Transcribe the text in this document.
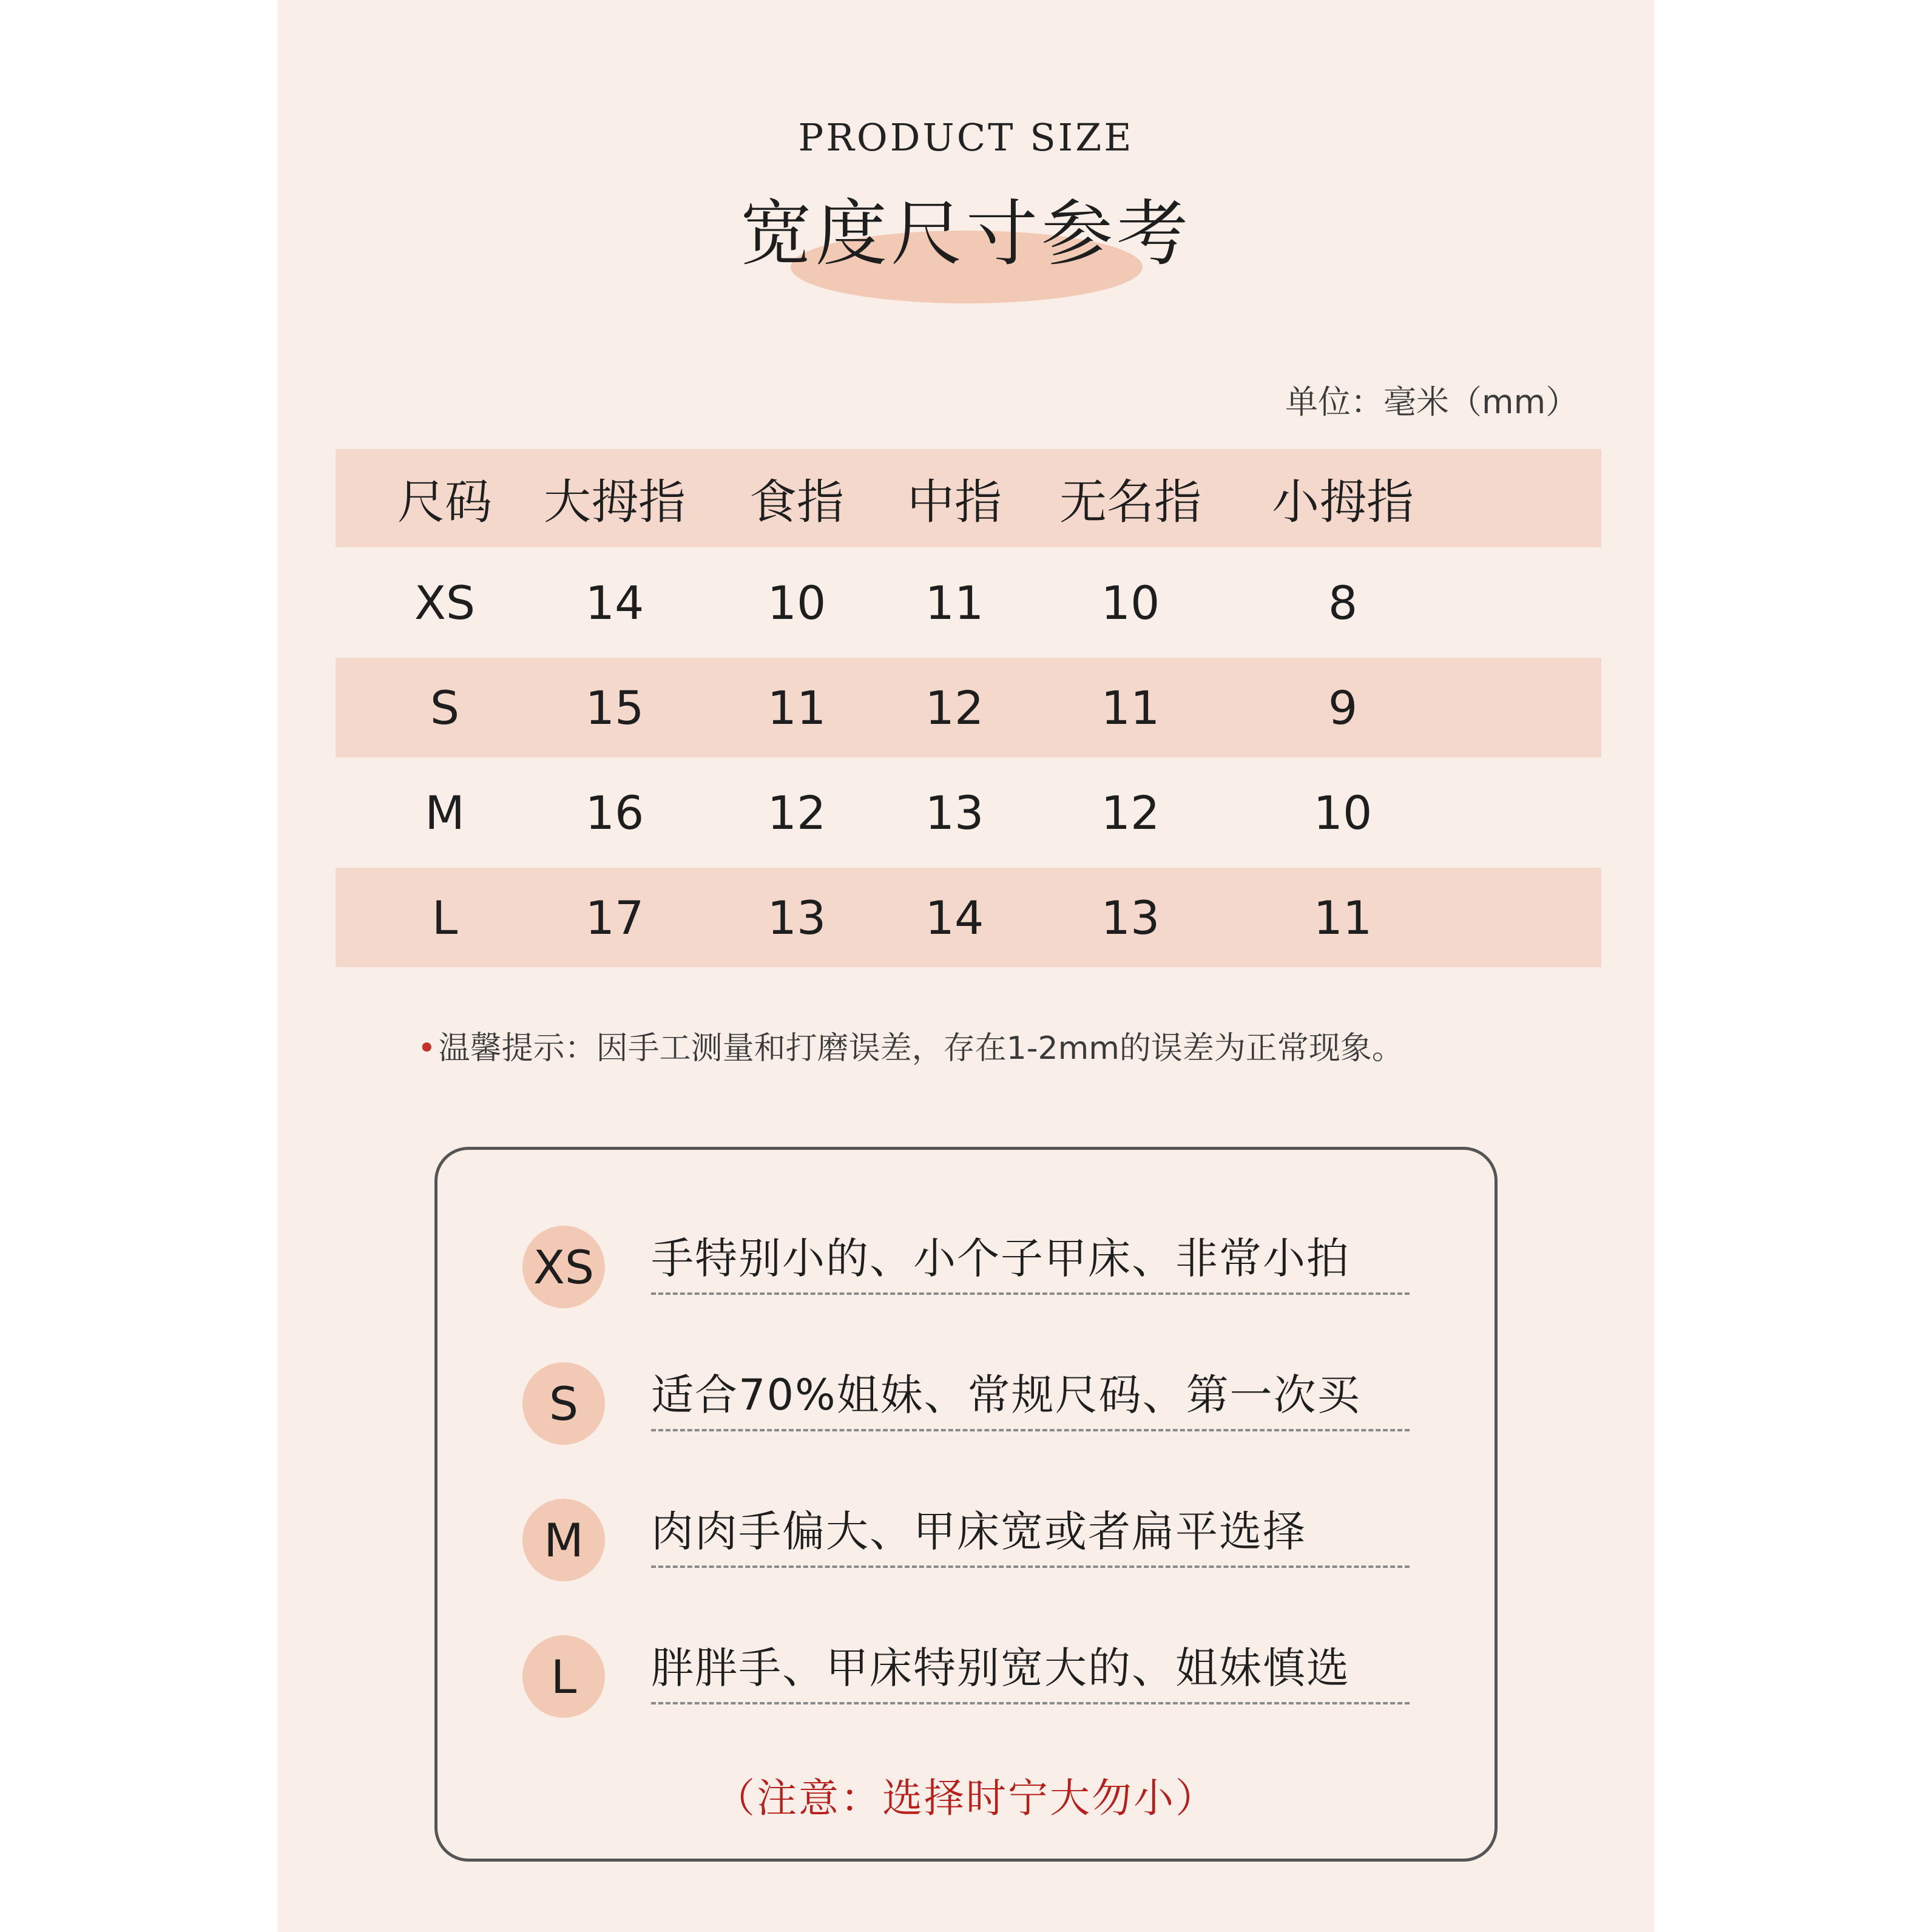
PRODUCT SIZE
宽度尺寸参考
单位：毫米（mm）
尺码 大拇指 食指 中指	无名指	小拇指
XS	14	10	11	10	8
S	15	11	12	11	9
M	16	12	13	12	10
L	17	13	14	13	11
•温馨提示：因手工测量和打磨误差，存在1-2mm的误差为正常现象。
XS 手特别小的、小个子甲床、非常小拍
S	适合70%姐妹、常规尺码、第一次买
M	肉肉手偏大、甲床宽或者扁平选择
L	胖胖手、甲床特别宽大的、姐妹慎选
（注意：选择时宁大勿小）
